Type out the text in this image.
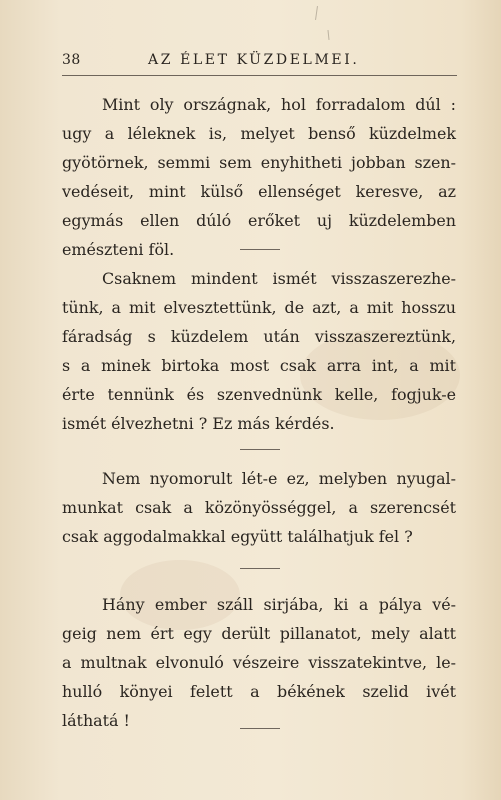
38	AZ ÉLET KÜZDELMEI.
Mint oly országnak, hol forradalom dúl :
ugy a léleknek is, melyet benső küzdelmek
gyötörnek, semmi sem enyhitheti jobban szen-
vedéseit, mint külső ellenséget keresve, az
egymás ellen dúló erőket uj küzdelemben
emészteni föl.
Csaknem mindent ismét visszaszerezhe-
tünk, a mit elvesztettünk, de azt, a mit hosszu
fáradság s küzdelem után visszaszereztünk,
s a minek birtoka most csak arra int, a mit
érte tennünk és szenvednünk kelle, fogjuk-e
ismét élvezhetni ? Ez más kérdés.
Nem nyomorult lét-e ez, melyben nyugal-
munkat csak a közönyösséggel, a szerencsét
csak aggodalmakkal együtt találhatjuk fel ?
Hány ember száll sirjába, ki a pálya vé-
geig nem ért egy derült pillanatot, mely alatt
a multnak elvonuló vészeire visszatekintve, le-
hulló könyei felett a békének szelid ivét
láthatá !
